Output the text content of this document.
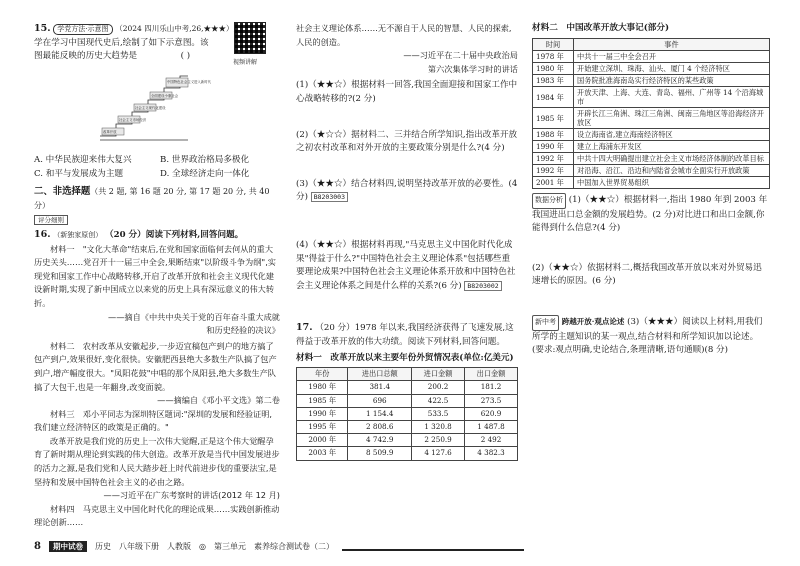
15. 学党方法·示意图 （2024 四川乐山中考,26,★★★）

学在学习中国现代史后,绘制了如下示意图。该

图最能反映的历史大趋势是	( )

视频讲解
改革开放
社会主义市场经济
社会主义现代化建设
全面建设小康社会
中国特色社会主义进入新时代
A. 中华民族迎来伟大复兴	B. 世界政治格局多极化
C. 和平与发展成为主题	D. 全球经济走向一体化

二、非选择题（共 2 题, 第 16 题 20 分, 第 17 题 20 分, 共 40 分）

评分细则

16. （新独家原创） （20 分）阅读下列材料,回答问题。

材料一　"文化大革命"结束后,在党和国家面临何去何从的重大历史关头……党召开十一届三中全会,果断结束"以阶级斗争为纲",实现党和国家工作中心战略转移,开启了改革开放和社会主义现代化建设新时期,实现了新中国成立以来党的历史上具有深远意义的伟大转折。

——摘自《中共中央关于党的百年奋斗重大成就

和历史经验的决议》

材料二　农村改革从安徽起步,一步迈宜稿包产到户的地方搞了包产到户,效果很好,变化很快。安徽肥西县绝大多数生产队搞了包产到户,增产幅度很大。"凤阳花鼓"中唱的那个凤阳县,绝大多数生产队搞了大包干,也是一年翻身,改变面貌。

——摘编自《邓小平文选》第二卷

材料三　邓小平同志为深圳特区题词:"深圳的发展和经验证明,我们建立经济特区的政策是正确的。"

改革开放是我们党的历史上一次伟大觉醒,正是这个伟大觉醒孕育了新时期从理论到实践的伟大创造。改革开放是当代中国发展进步的活力之源,是我们党和人民大踏步赶上时代前进步伐的重要法宝,是坚持和发展中国特色社会主义的必由之路。

——习近平在广东考察时的讲话(2012 年 12 月)

材料四　马克思主义中国化时代化的理论成果……实践创新推动理论创新……

社会主义理论体系……无不源自于人民的智慧、人民的探索,人民的创造。

——习近平在二十届中央政治局

第六次集体学习时的讲话

(1)（★★☆）根据材料一回答,我国全面迎接和国家工作中心战略转移的?(2 分)

(2)（★☆☆）据材料二、三并结合所学知识,指出改革开放之初农村改革和对外开放的主要政策分别是什么?(4 分)

(3)（★★☆）结合材料四,说明坚持改革开放的必要性。(4 分) B8203003

(4)（★★☆）根据材料再现,"马克思主义中国化时代化成果"得益于什么?"中国特色社会主义理论体系"包括哪些重要理论成果?中国特色社会主义理论体系开放和中国特色社会主义理论体系之间是什么样的关系?(6 分) B8203002

17. （20 分）1978 年以来,我国经济获得了飞速发展,这得益于改革开放的伟大功绩。阅读下列材料,回答问题。

材料一　改革开放以来主要年份外贸情况表(单位:亿美元)

年份	进出口总额	进口金额	出口金额
1980 年	381.4	200.2	181.2
1985 年	696	422.5	273.5
1990 年	1 154.4	533.5	620.9
1995 年	2 808.6	1 320.8	1 487.8
2000 年	4 742.9	2 250.9	2 492
2003 年	8 509.9	4 127.6	4 382.3

材料二　中国改革开放大事记(部分)

时间	事件
1978 年	中共十一届三中全会召开
1980 年	开始建立深圳、珠海、汕头、厦门 4 个经济特区
1983 年	国务院批准海南岛实行经济特区的某些政策
1984 年	开放天津、上海、大连、青岛、福州、广州等 14 个沿海城市
1985 年	开辟长江三角洲、珠江三角洲、闽南三角地区等沿海经济开放区
1988 年	设立海南省,建立海南经济特区
1990 年	建立上海浦东开发区
1992 年	中共十四大明确提出建立社会主义市场经济体制的改革目标
1992 年	对沿海、沿江、沿边和内陆省会城市全面实行开放政策
2001 年	中国加入世界贸易组织

数据分析 (1)（★★☆）根据材料一,指出 1980 年到 2003 年我国进出口总金额的发展趋势。(2 分)对比进口和出口金额,你能得到什么信息?(4 分)

(2)（★★☆）依据材料二,概括我国改革开放以来对外贸易迅速增长的原因。(6 分)

新中考 跨越开放·观点论述 (3)（★★★）阅读以上材料,用我们所学的主题知识的某一观点,结合材料和所学知识加以论述。(要求:观点明确,史论结合,条理清晰,语句通顺)(8 分)

8	期中试卷	历史 八年级下册 人教版 ◎ 第三单元 素养综合测试卷（二）
